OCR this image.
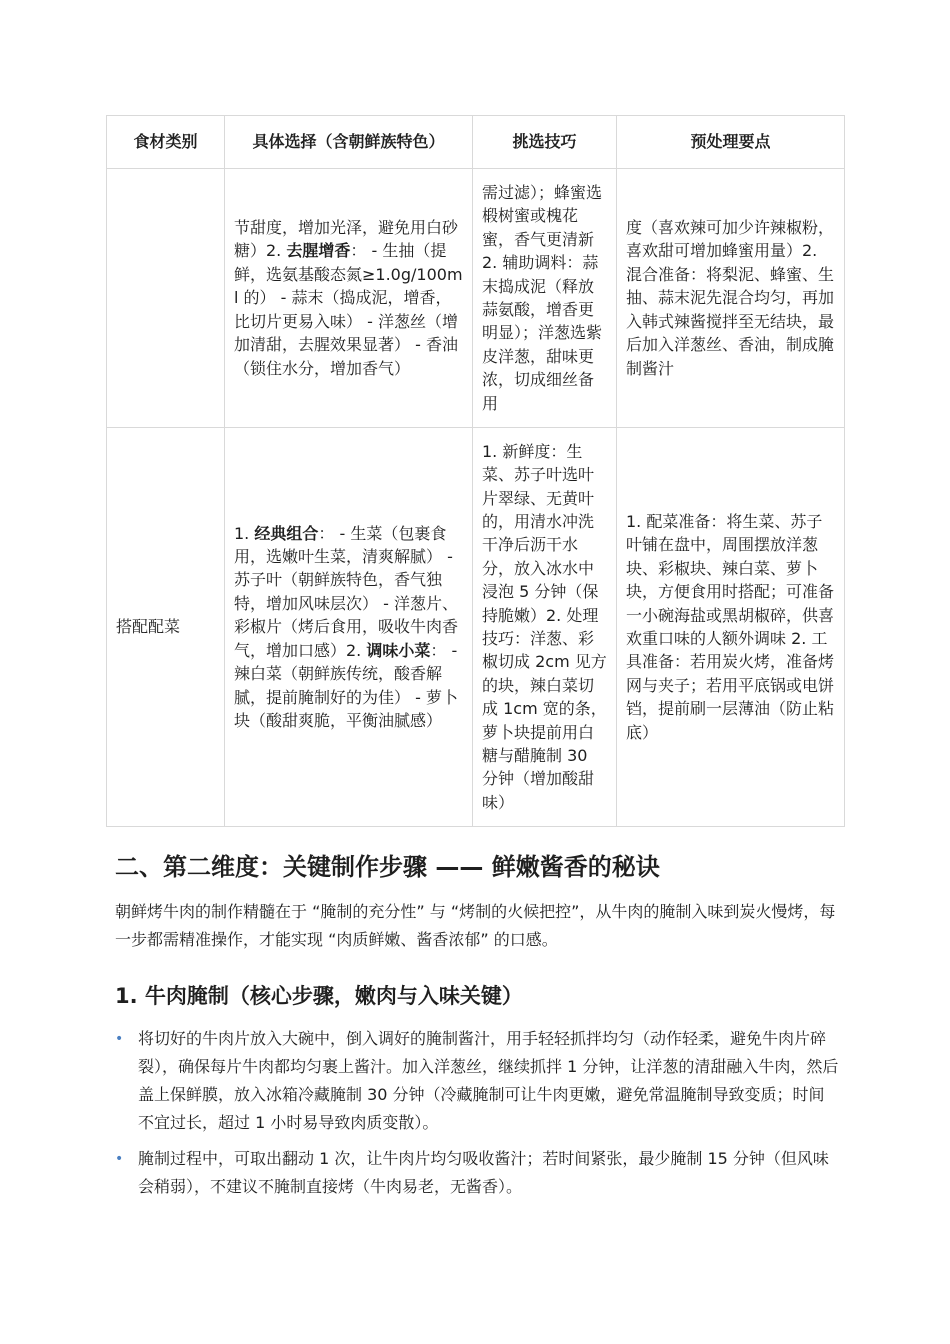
食材类别	具体选择（含朝鲜族特色）	挑选技巧	预处理要点
	节甜度，增加光泽，避免用白砂糖）2. 去腥增香： - 生抽（提鲜，选氨基酸态氮≥1.0g/100ml 的） - 蒜末（捣成泥，增香，比切片更易入味） - 洋葱丝（增加清甜，去腥效果显著） - 香油（锁住水分，增加香气）	需过滤）；蜂蜜选椴树蜜或槐花蜜，香气更清新 2. 辅助调料：蒜末捣成泥（释放蒜氨酸，增香更明显）；洋葱选紫皮洋葱，甜味更浓，切成细丝备用	度（喜欢辣可加少许辣椒粉，喜欢甜可增加蜂蜜用量）2. 混合准备：将梨泥、蜂蜜、生抽、蒜末泥先混合均匀，再加入韩式辣酱搅拌至无结块，最后加入洋葱丝、香油，制成腌制酱汁
搭配配菜	1. 经典组合： - 生菜（包裹食用，选嫩叶生菜，清爽解腻） - 苏子叶（朝鲜族特色，香气独特，增加风味层次） - 洋葱片、彩椒片（烤后食用，吸收牛肉香气，增加口感）2. 调味小菜： - 辣白菜（朝鲜族传统，酸香解腻，提前腌制好的为佳） - 萝卜块（酸甜爽脆，平衡油腻感）	1. 新鲜度：生菜、苏子叶选叶片翠绿、无黄叶的，用清水冲洗干净后沥干水分，放入冰水中浸泡 5 分钟（保持脆嫩）2. 处理技巧：洋葱、彩椒切成 2cm 见方的块，辣白菜切成 1cm 宽的条，萝卜块提前用白糖与醋腌制 30 分钟（增加酸甜味）	1. 配菜准备：将生菜、苏子叶铺在盘中，周围摆放洋葱块、彩椒块、辣白菜、萝卜块，方便食用时搭配；可准备一小碗海盐或黑胡椒碎，供喜欢重口味的人额外调味 2. 工具准备：若用炭火烤，准备烤网与夹子；若用平底锅或电饼铛，提前刷一层薄油（防止粘底）
二、第二维度：关键制作步骤 —— 鲜嫩酱香的秘诀

朝鲜烤牛肉的制作精髓在于 “腌制的充分性” 与 “烤制的火候把控”，从牛肉的腌制入味到炭火慢烤，每一步都需精准操作，才能实现 “肉质鲜嫩、酱香浓郁” 的口感。

1. 牛肉腌制（核心步骤，嫩肉与入味关键）
• 将切好的牛肉片放入大碗中，倒入调好的腌制酱汁，用手轻轻抓拌均匀（动作轻柔，避免牛肉片碎裂），确保每片牛肉都均匀裹上酱汁。加入洋葱丝，继续抓拌 1 分钟，让洋葱的清甜融入牛肉，然后盖上保鲜膜，放入冰箱冷藏腌制 30 分钟（冷藏腌制可让牛肉更嫩，避免常温腌制导致变质；时间不宜过长，超过 1 小时易导致肉质变散）。
• 腌制过程中，可取出翻动 1 次，让牛肉片均匀吸收酱汁；若时间紧张，最少腌制 15 分钟（但风味会稍弱），不建议不腌制直接烤（牛肉易老，无酱香）。
